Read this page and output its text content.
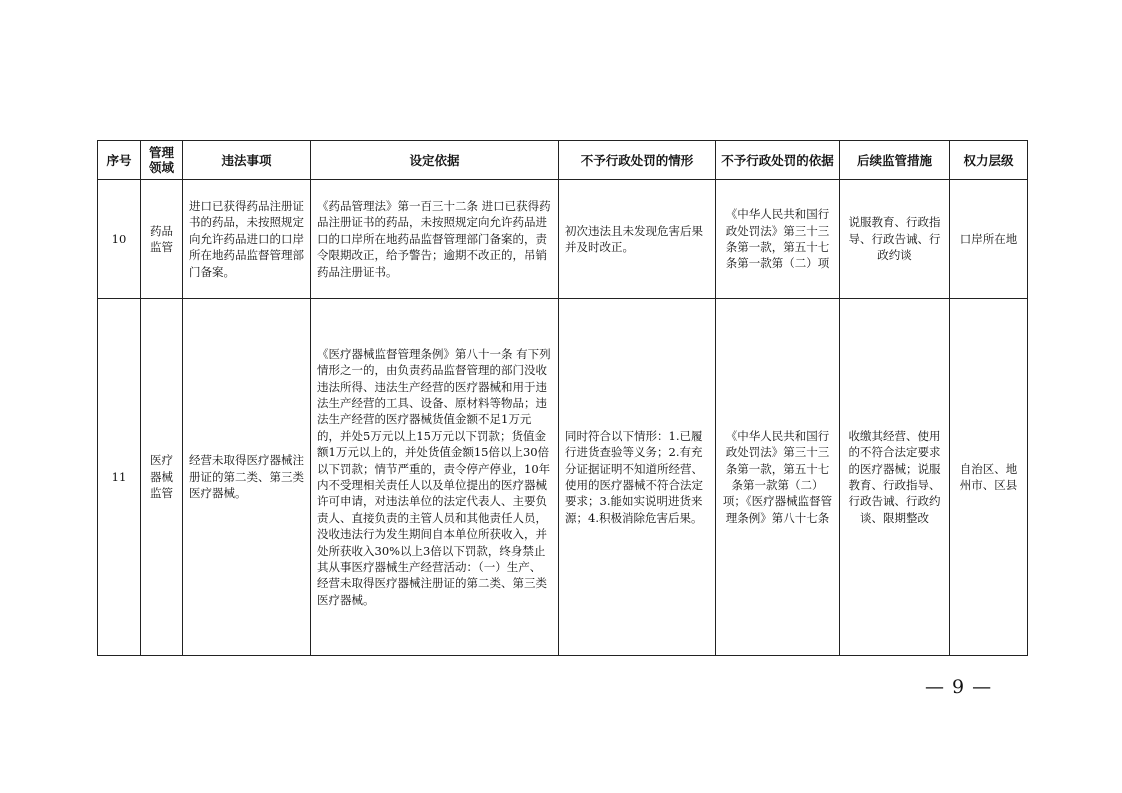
序号	管理领域	违法事项	设定依据	不予行政处罚的情形	不予行政处罚的依据	后续监管措施	权力层级
10	药品监管	进口已获得药品注册证书的药品，未按照规定向允许药品进口的口岸所在地药品监督管理部门备案。	《药品管理法》第一百三十二条 进口已获得药品注册证书的药品，未按照规定向允许药品进口的口岸所在地药品监督管理部门备案的，责令限期改正，给予警告；逾期不改正的，吊销药品注册证书。	初次违法且未发现危害后果并及时改正。	《中华人民共和国行政处罚法》第三十三条第一款，第五十七条第一款第（二）项	说服教育、行政指导、行政告诫、行政约谈	口岸所在地
11	医疗器械监管	经营未取得医疗器械注册证的第二类、第三类医疗器械。	《医疗器械监督管理条例》第八十一条 有下列情形之一的，由负责药品监督管理的部门没收违法所得、违法生产经营的医疗器械和用于违法生产经营的工具、设备、原材料等物品；违法生产经营的医疗器械货值金额不足1万元的，并处5万元以上15万元以下罚款；货值金额1万元以上的，并处货值金额15倍以上30倍以下罚款；情节严重的，责令停产停业，10年内不受理相关责任人以及单位提出的医疗器械许可申请，对违法单位的法定代表人、主要负责人、直接负责的主管人员和其他责任人员，没收违法行为发生期间自本单位所获收入，并处所获收入30%以上3倍以下罚款，终身禁止其从事医疗器械生产经营活动：（一）生产、经营未取得医疗器械注册证的第二类、第三类医疗器械。	同时符合以下情形：1.已履行进货查验等义务；2.有充分证据证明不知道所经营、使用的医疗器械不符合法定要求；3.能如实说明进货来源；4.积极消除危害后果。	《中华人民共和国行政处罚法》第三十三条第一款，第五十七条第一款第（二）项；《医疗器械监督管理条例》第八十七条	收缴其经营、使用的不符合法定要求的医疗器械；说服教育、行政指导、行政告诫、行政约谈、限期整改	自治区、地州市、区县
— 9 —
